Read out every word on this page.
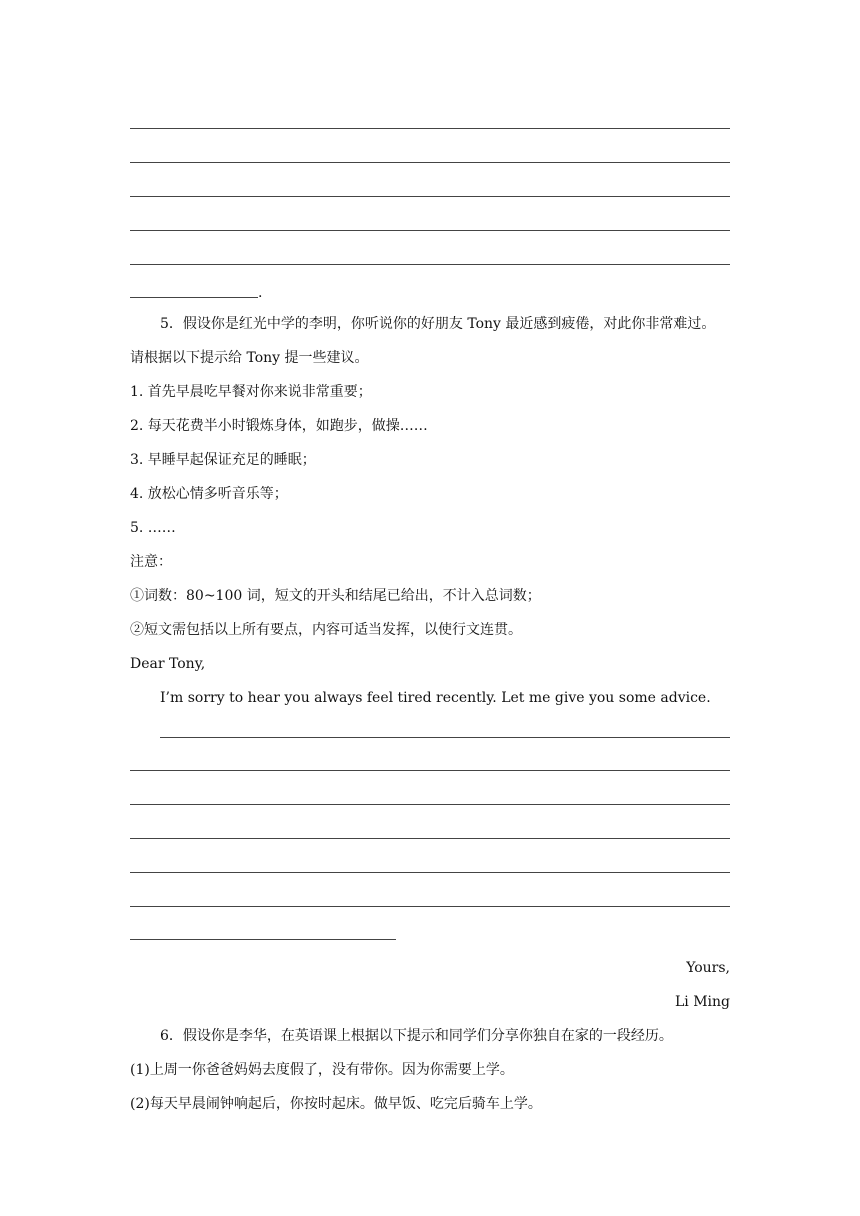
.
5．假设你是红光中学的李明，你听说你的好朋友 Tony 最近感到疲倦，对此你非常难过。
请根据以下提示给 Tony 提一些建议。
1. 首先早晨吃早餐对你来说非常重要；
2. 每天花费半小时锻炼身体，如跑步，做操……
3. 早睡早起保证充足的睡眠；
4. 放松心情多听音乐等；
5. ……
注意：
①词数：80~100 词，短文的开头和结尾已给出，不计入总词数；
②短文需包括以上所有要点，内容可适当发挥，以使行文连贯。
Dear Tony,
I’m sorry to hear you always feel tired recently. Let me give you some advice.
Yours,
Li Ming
6．假设你是李华，在英语课上根据以下提示和同学们分享你独自在家的一段经历。
(1)上周一你爸爸妈妈去度假了，没有带你。因为你需要上学。
(2)每天早晨闹钟响起后，你按时起床。做早饭、吃完后骑车上学。
